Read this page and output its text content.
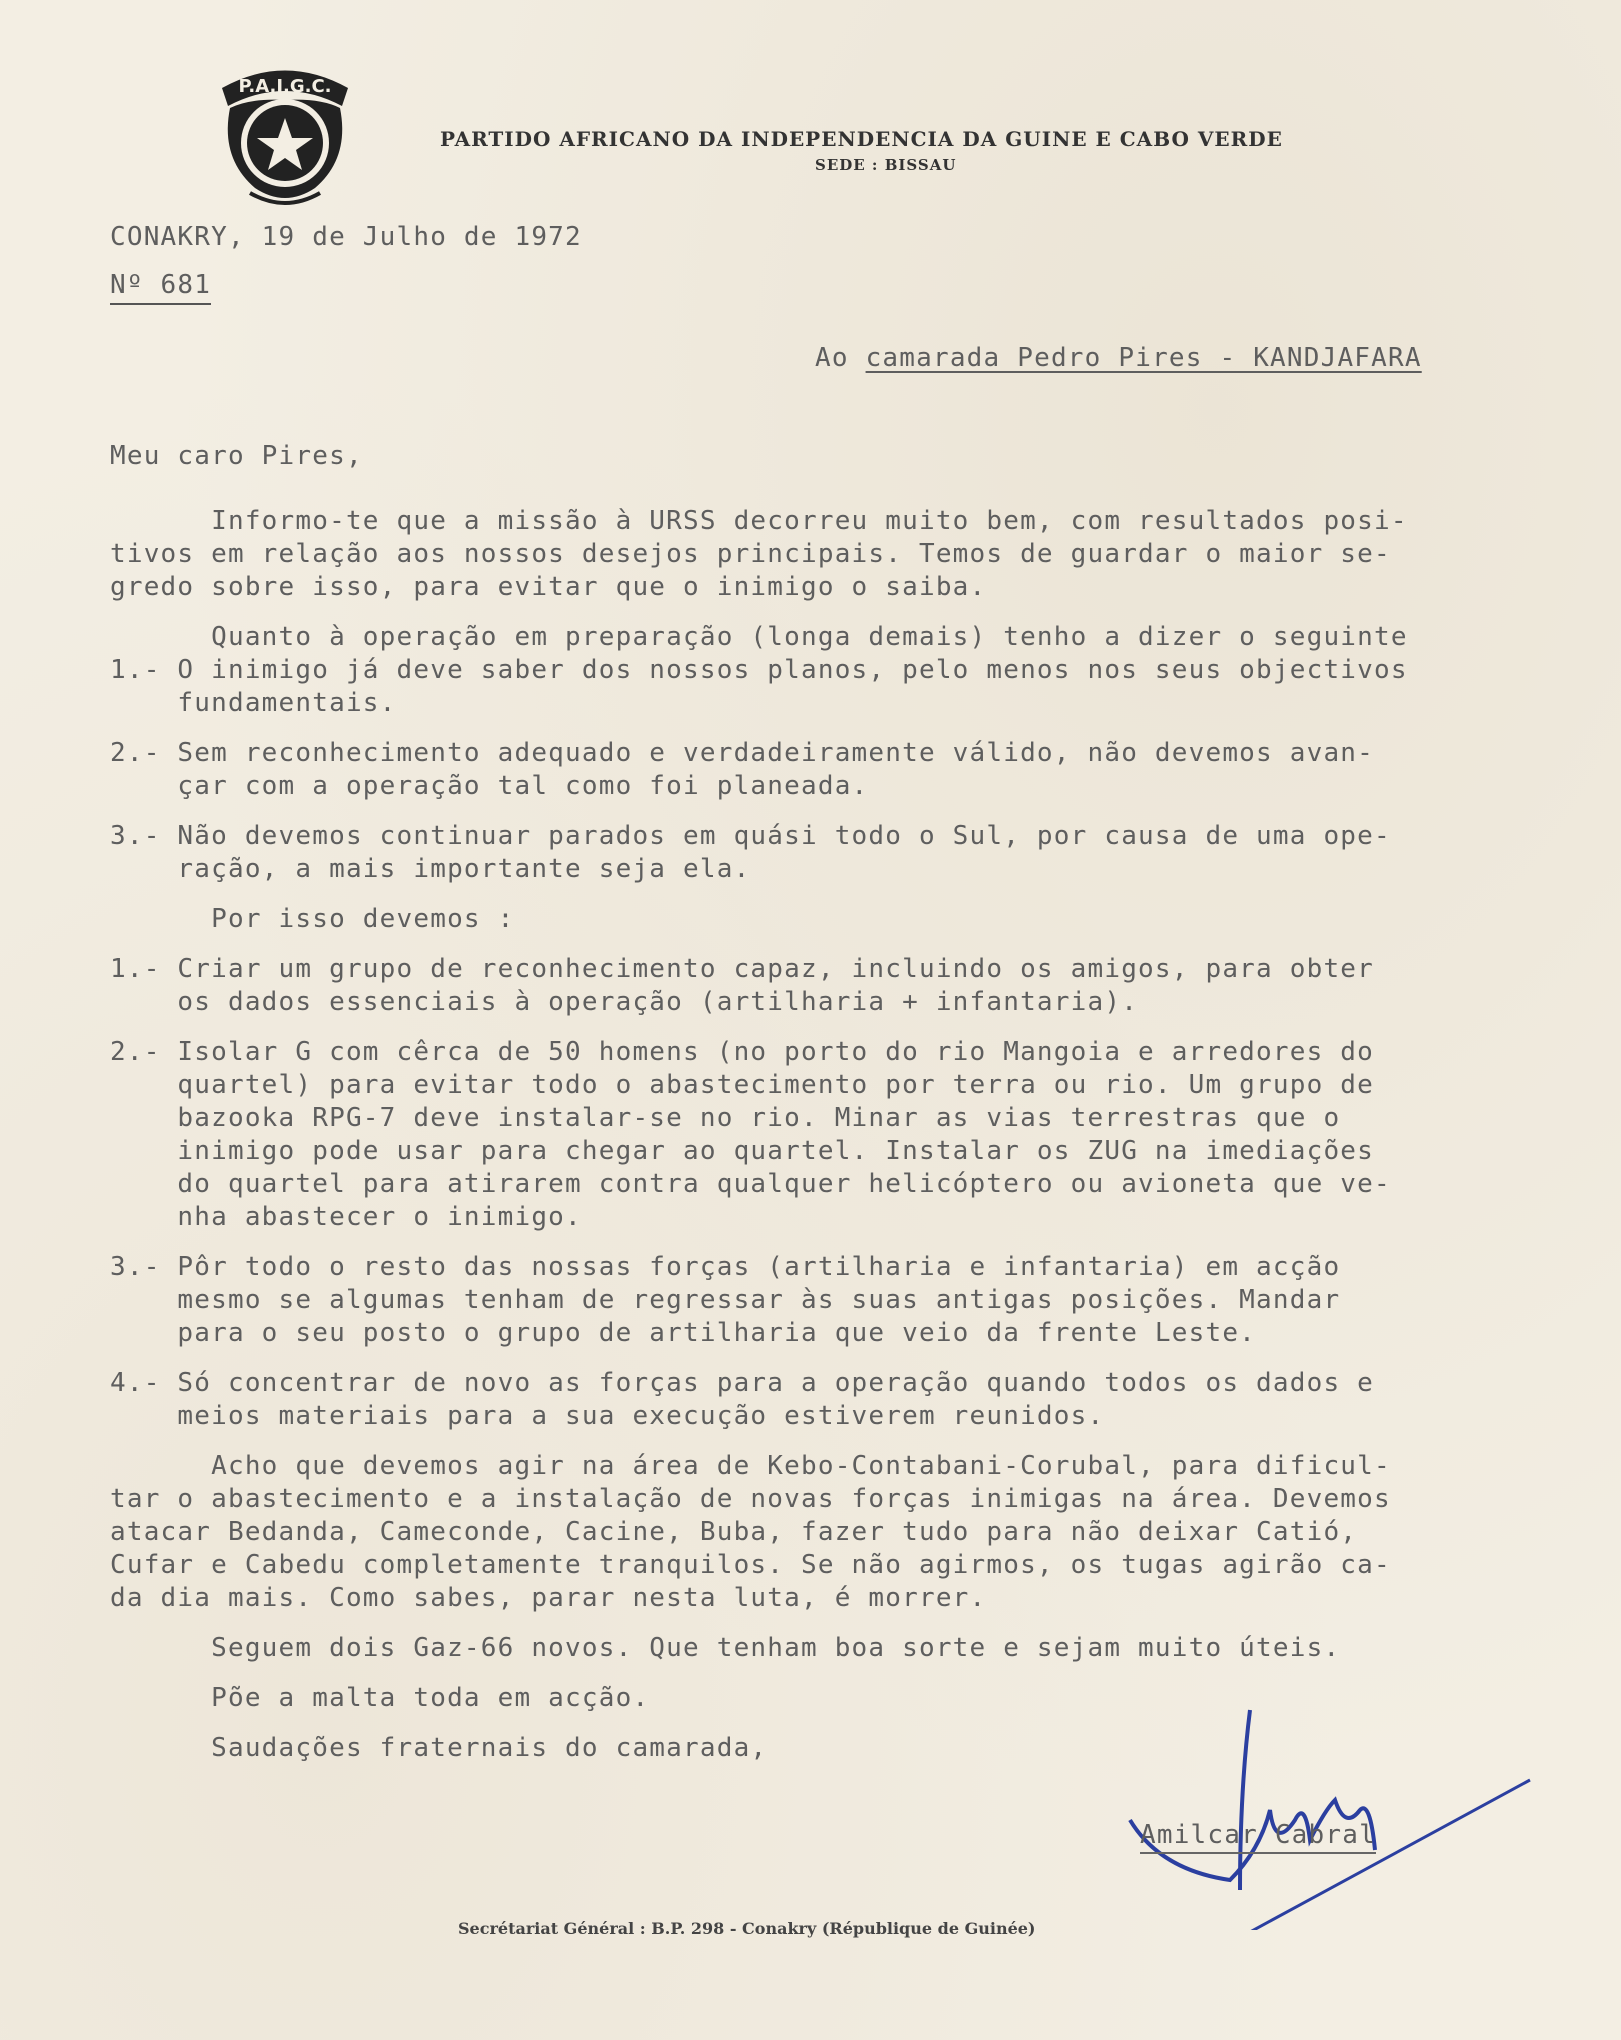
P.A.I.G.C.
PARTIDO AFRICANO DA INDEPENDENCIA DA GUINE E CABO VERDE
SEDE : BISSAU
CONAKRY, 19 de Julho de 1972
Nº 681
Ao camarada Pedro Pires - KANDJAFARA
Meu caro Pires,

Informo-te que a missão à URSS decorreu muito bem, com resultados posi-

tivos em relação aos nossos desejos principais. Temos de guardar o maior se-

gredo sobre isso, para evitar que o inimigo o saiba.

Quanto à operação em preparação (longa demais) tenho a dizer o seguinte

1.- O inimigo já deve saber dos nossos planos, pelo menos nos seus objectivos

fundamentais.

2.- Sem reconhecimento adequado e verdadeiramente válido, não devemos avan-

çar com a operação tal como foi planeada.

3.- Não devemos continuar parados em quási todo o Sul, por causa de uma ope-

ração, a mais importante seja ela.

Por isso devemos :

1.- Criar um grupo de reconhecimento capaz, incluindo os amigos, para obter

os dados essenciais à operação (artilharia + infantaria).

2.- Isolar G com cêrca de 50 homens (no porto do rio Mangoia e arredores do

quartel) para evitar todo o abastecimento por terra ou rio. Um grupo de

bazooka RPG-7 deve instalar-se no rio. Minar as vias terrestras que o

inimigo pode usar para chegar ao quartel. Instalar os ZUG na imediações

do quartel para atirarem contra qualquer helicóptero ou avioneta que ve-

nha abastecer o inimigo.

3.- Pôr todo o resto das nossas forças (artilharia e infantaria) em acção

mesmo se algumas tenham de regressar às suas antigas posições. Mandar

para o seu posto o grupo de artilharia que veio da frente Leste.

4.- Só concentrar de novo as forças para a operação quando todos os dados e

meios materiais para a sua execução estiverem reunidos.

Acho que devemos agir na área de Kebo-Contabani-Corubal, para dificul-

tar o abastecimento e a instalação de novas forças inimigas na área. Devemos

atacar Bedanda, Cameconde, Cacine, Buba, fazer tudo para não deixar Catió,

Cufar e Cabedu completamente tranquilos. Se não agirmos, os tugas agirão ca-

da dia mais. Como sabes, parar nesta luta, é morrer.

Seguem dois Gaz-66 novos. Que tenham boa sorte e sejam muito úteis.

Põe a malta toda em acção.

Saudações fraternais do camarada,

Amilcar Cabral
Secrétariat Général : B.P. 298 - Conakry (République de Guinée)
